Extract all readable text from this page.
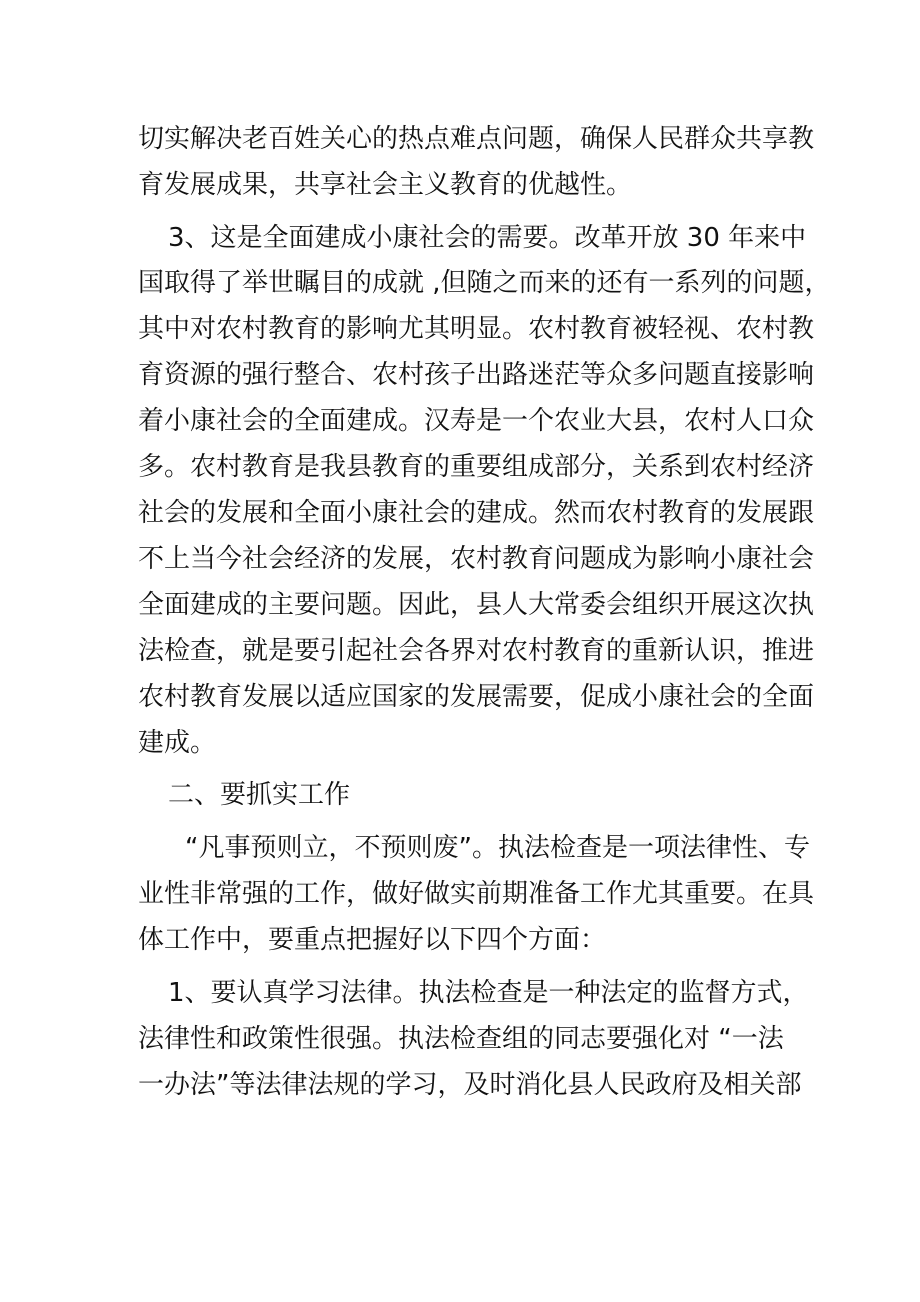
切实解决老百姓关心的热点难点问题，确保人民群众共享教
育发展成果，共享社会主义教育的优越性。
3、这是全面建成小康社会的需要。改革开放 30 年来中
国取得了举世瞩目的成就 ,但随之而来的还有一系列的问题，
其中对农村教育的影响尤其明显。农村教育被轻视、农村教
育资源的强行整合、农村孩子出路迷茫等众多问题直接影响
着小康社会的全面建成。汉寿是一个农业大县，农村人口众
多。农村教育是我县教育的重要组成部分，关系到农村经济
社会的发展和全面小康社会的建成。然而农村教育的发展跟
不上当今社会经济的发展，农村教育问题成为影响小康社会
全面建成的主要问题。因此，县人大常委会组织开展这次执
法检查，就是要引起社会各界对农村教育的重新认识，推进
农村教育发展以适应国家的发展需要，促成小康社会的全面
建成。
二、要抓实工作
“凡事预则立，不预则废”。执法检查是一项法律性、专
业性非常强的工作，做好做实前期准备工作尤其重要。在具
体工作中，要重点把握好以下四个方面：
1、要认真学习法律。执法检查是一种法定的监督方式，
法律性和政策性很强。执法检查组的同志要强化对 “一法
一办法”等法律法规的学习，及时消化县人民政府及相关部
